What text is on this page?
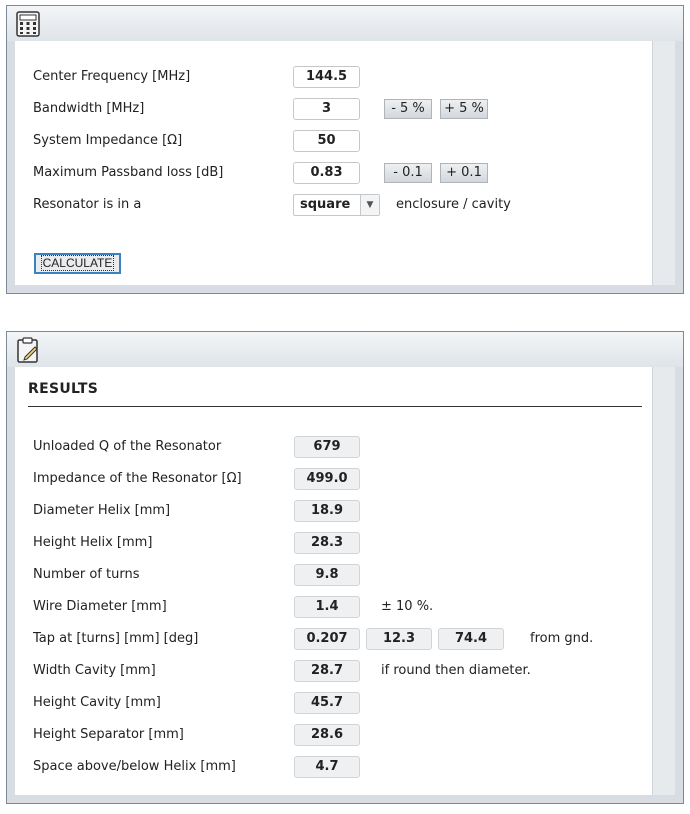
Center Frequency [MHz]	144.5
Bandwidth [MHz]	3	- 5 %	+ 5 %
System Impedance [Ω]	50
Maximum Passband loss [dB]	0.83	- 0.1	+ 0.1
Resonator is in a	square	▼	enclosure / cavity
CALCULATE
RESULTS
Unloaded Q of the Resonator	679
Impedance of the Resonator [Ω]	499.0
Diameter Helix [mm]	18.9
Height Helix [mm]	28.3
Number of turns	9.8
Wire Diameter [mm]	1.4	± 10 %.
Tap at [turns] [mm] [deg]	0.207	12.3	74.4	from gnd.
Width Cavity [mm]	28.7	if round then diameter.
Height Cavity [mm]	45.7
Height Separator [mm]	28.6
Space above/below Helix [mm]	4.7
